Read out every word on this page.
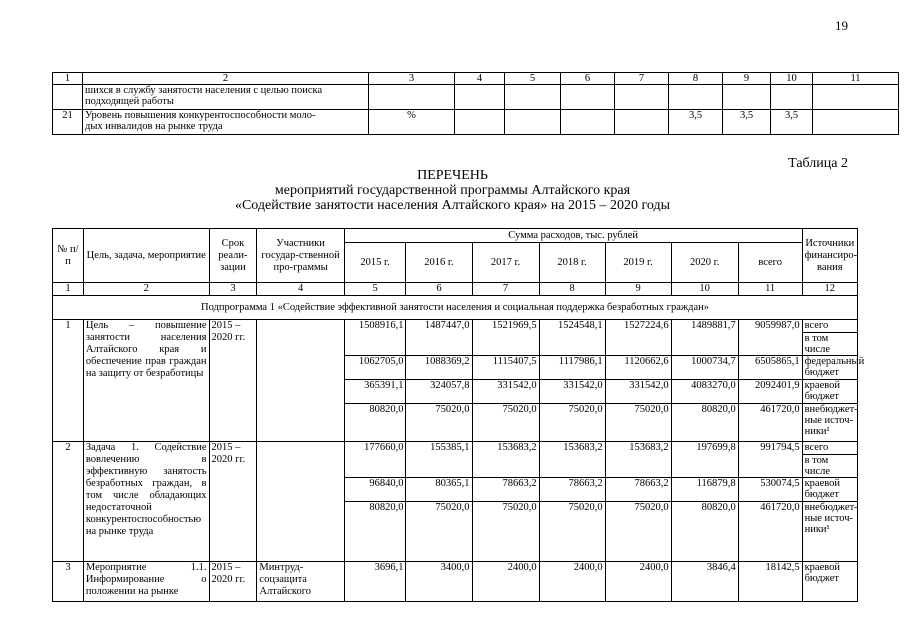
19
1	2	3	4	5	6	7	8	9	10	11
	шихся в службу занятости населения с целью поиска
подходящей работы									
21	Уровень повышения конкурентоспособности моло-
дых инвалидов на рынке труда	%					3,5	3,5	3,5	
Таблица 2
ПЕРЕЧЕНЬ
мероприятий государственной программы Алтайского края
«Содействие занятости населения Алтайского края» на 2015 – 2020 годы
№ п/п	Цель, задача, мероприятие	Срок реали-зации	Участники государ-ственной про-граммы	Сумма расходов, тыс. рублей							Источники финансиро-вания
				2015 г.	2016 г.	2017 г.	2018 г.	2019 г.	2020 г.	всего	
1	2	3	4	5	6	7	8	9	10	11	12
Подпрограмма 1 «Содействие эффективной занятости населения и социальная поддержка безработных граждан»											
1	Цель – повышение занятости населения Алтайского края и обеспечение прав граждан на защиту от безработицы	2015 – 2020 гг.		1508916,1	1487447,0	1521969,5	1524548,1	1527224,6	1489881,7	9059987,0	всего
											в том числе
				1062705,0	1088369,2	1115407,5	1117986,1	1120662,6	1000734,7	6505865,1	федеральный бюджет
				365391,1	324057,8	331542,0	331542,0	331542,0	4083270,0	2092401,9	краевой бюджет
				80820,0	75020,0	75020,0	75020,0	75020,0	80820,0	461720,0	внебюджет-ные источ-ники¹
2	Задача 1. Содействие вовлечению в эффективную занятость безработных граждан, в том числе обладающих недостаточной конкурентоспособностью на рынке труда	2015 – 2020 гг.		177660,0	155385,1	153683,2	153683,2	153683,2	197699,8	991794,5	всего
											в том числе
				96840,0	80365,1	78663,2	78663,2	78663,2	116879,8	530074,5	краевой бюджет
				80820,0	75020,0	75020,0	75020,0	75020,0	80820,0	461720,0	внебюджет-ные источ-ники¹
3	Мероприятие 1.1. Информирование о положении на рынке	2015 – 2020 гг.	Минтруд-соцзащита Алтайского	3696,1	3400,0	2400,0	2400,0	2400,0	3846,4	18142,5	краевой бюджет
